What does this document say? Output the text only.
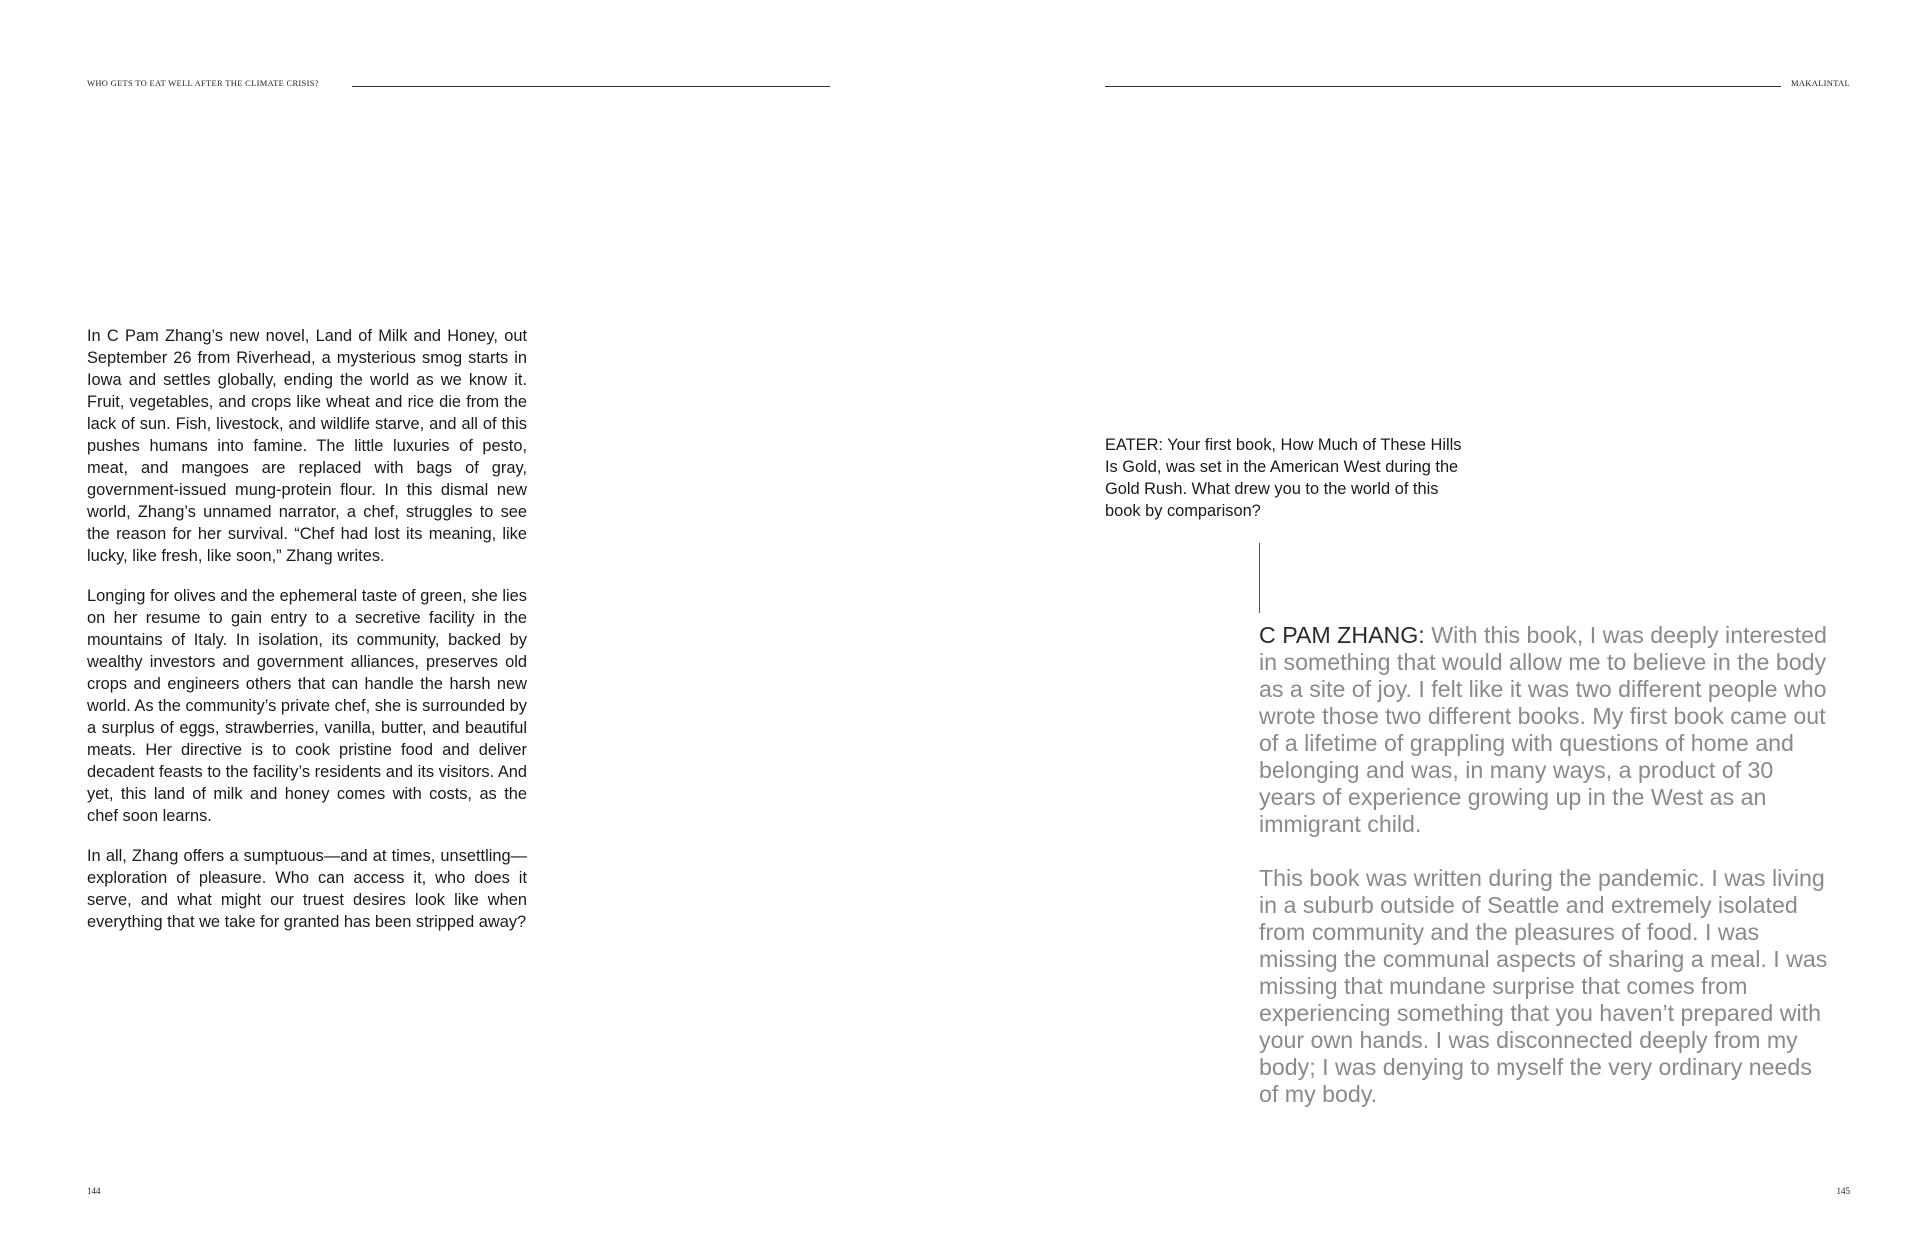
WHO GETS TO EAT WELL AFTER THE CLIMATE CRISIS?	MAKALINTAL

In C Pam Zhang’s new novel, Land of Milk and Honey, out September 26 from Riverhead, a mysterious smog starts in Iowa and settles globally, ending the world as we know it. Fruit, vegetables, and crops like wheat and rice die from the lack of sun. Fish, livestock, and wildlife starve, and all of this pushes humans into famine. The little luxuries of pesto, meat, and mangoes are replaced with bags of gray, government-issued mung-protein flour. In this dismal new world, Zhang’s unnamed narrator, a chef, struggles to see the reason for her survival. “Chef had lost its meaning, like lucky, like fresh, like soon,” Zhang writes.

Longing for olives and the ephemeral taste of green, she lies on her resume to gain entry to a secretive facility in the mountains of Italy. In isolation, its community, backed by wealthy investors and government alliances, preserves old crops and engineers others that can handle the harsh new world. As the community’s private chef, she is surrounded by a surplus of eggs, strawberries, vanilla, butter, and beautiful meats. Her directive is to cook pristine food and deliver decadent feasts to the facility’s residents and its visitors. And yet, this land of milk and honey comes with costs, as the chef soon learns.

In all, Zhang offers a sumptuous—and at times, unsettling—exploration of pleasure. Who can access it, who does it serve, and what might our truest desires look like when everything that we take for granted has been stripped away?

EATER: Your first book, How Much of These Hills Is Gold, was set in the American West during the Gold Rush. What drew you to the world of this book by comparison?

C PAM ZHANG: With this book, I was deeply interested in something that would allow me to believe in the body as a site of joy. I felt like it was two different people who wrote those two different books. My first book came out of a lifetime of grappling with questions of home and belonging and was, in many ways, a product of 30 years of experience growing up in the West as an immigrant child.

This book was written during the pandemic. I was living in a suburb outside of Seattle and extremely isolated from community and the pleasures of food. I was missing the communal aspects of sharing a meal. I was missing that mundane surprise that comes from experiencing something that you haven’t prepared with your own hands. I was disconnected deeply from my body; I was denying to myself the very ordinary needs of my body.

144	145
